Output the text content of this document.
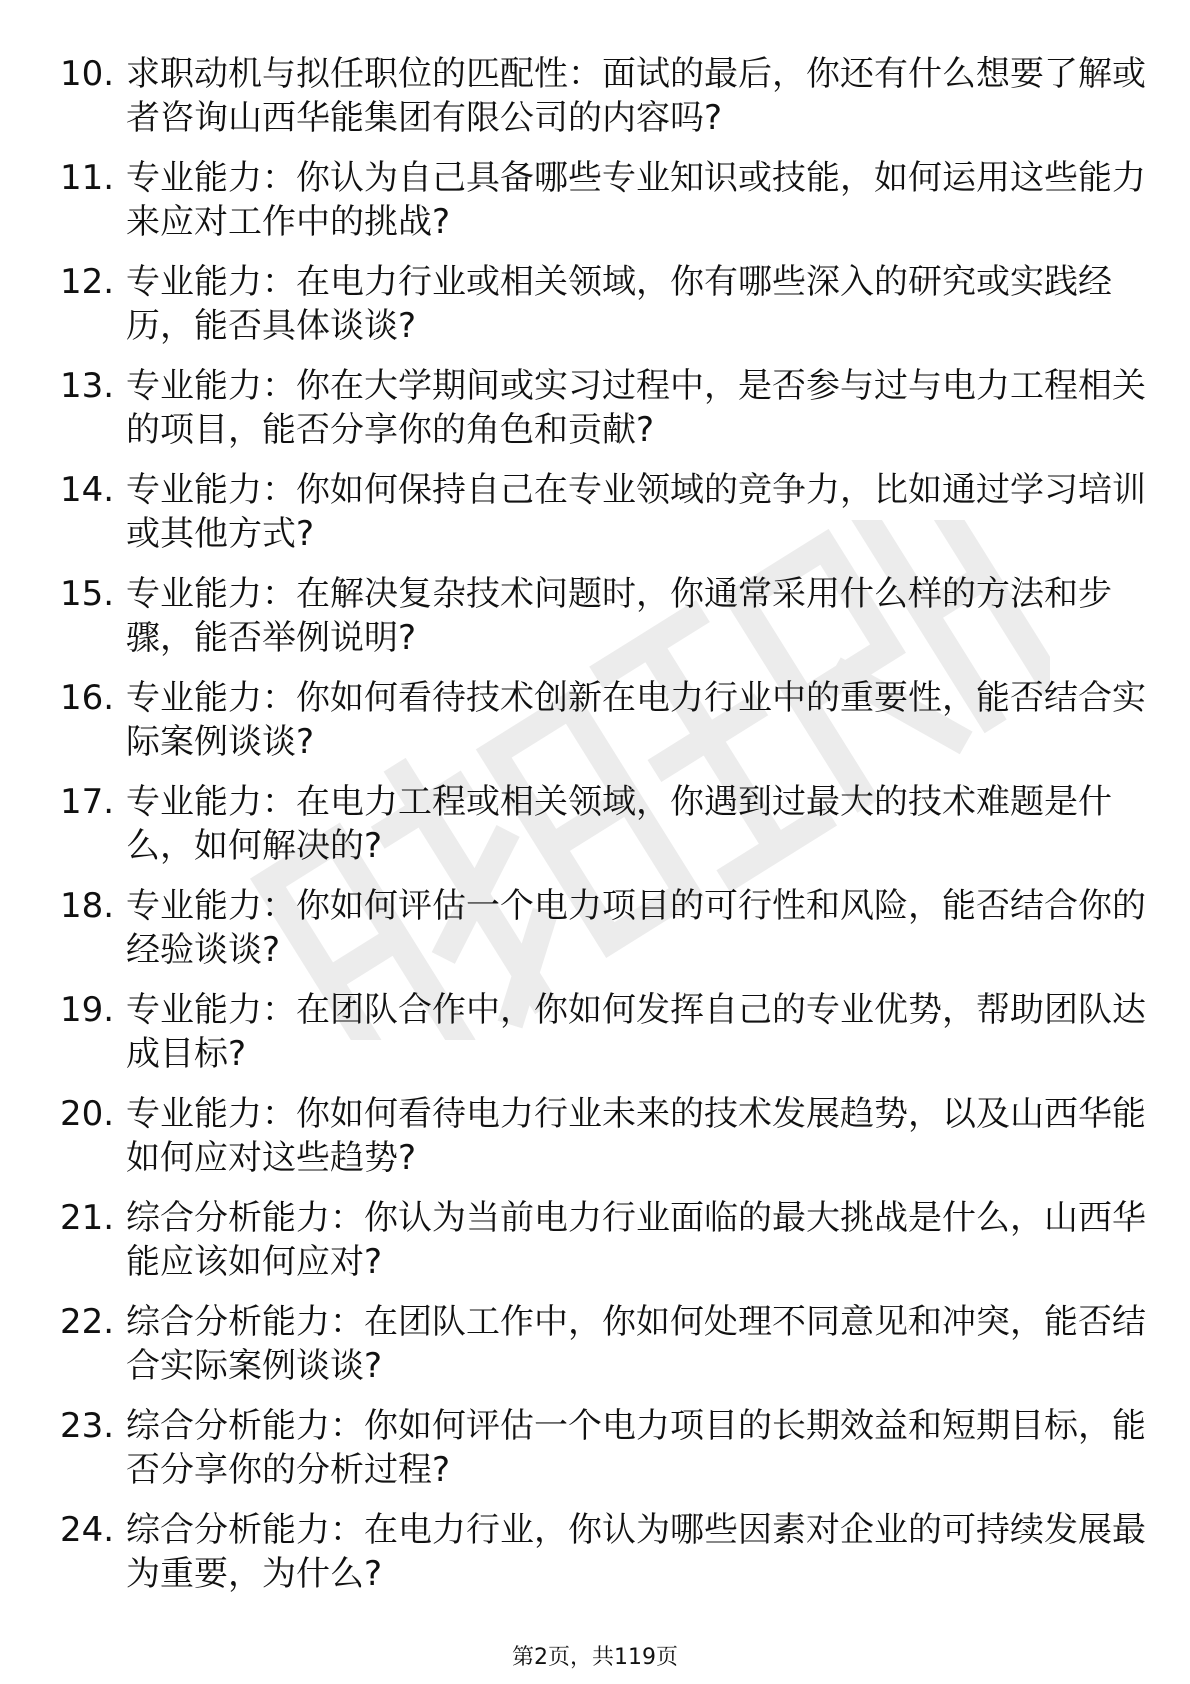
10. 求职动机与拟任职位的匹配性：面试的最后，你还有什么想要了解或者咨询山西华能集团有限公司的内容吗?
11. 专业能力：你认为自己具备哪些专业知识或技能，如何运用这些能力来应对工作中的挑战?
12. 专业能力：在电力行业或相关领域，你有哪些深入的研究或实践经历，能否具体谈谈?
13. 专业能力：你在大学期间或实习过程中，是否参与过与电力工程相关的项目，能否分享你的角色和贡献?
14. 专业能力：你如何保持自己在专业领域的竞争力，比如通过学习培训或其他方式?
15. 专业能力：在解决复杂技术问题时，你通常采用什么样的方法和步骤，能否举例说明?
16. 专业能力：你如何看待技术创新在电力行业中的重要性，能否结合实际案例谈谈?
17. 专业能力：在电力工程或相关领域，你遇到过最大的技术难题是什么，如何解决的?
18. 专业能力：你如何评估一个电力项目的可行性和风险，能否结合你的经验谈谈?
19. 专业能力：在团队合作中，你如何发挥自己的专业优势，帮助团队达成目标?
20. 专业能力：你如何看待电力行业未来的技术发展趋势，以及山西华能如何应对这些趋势?
21. 综合分析能力：你认为当前电力行业面临的最大挑战是什么，山西华能应该如何应对?
22. 综合分析能力：在团队工作中，你如何处理不同意见和冲突，能否结合实际案例谈谈?
23. 综合分析能力：你如何评估一个电力项目的长期效益和短期目标，能否分享你的分析过程?
24. 综合分析能力：在电力行业，你认为哪些因素对企业的可持续发展最为重要，为什么?
第2页，共119页
